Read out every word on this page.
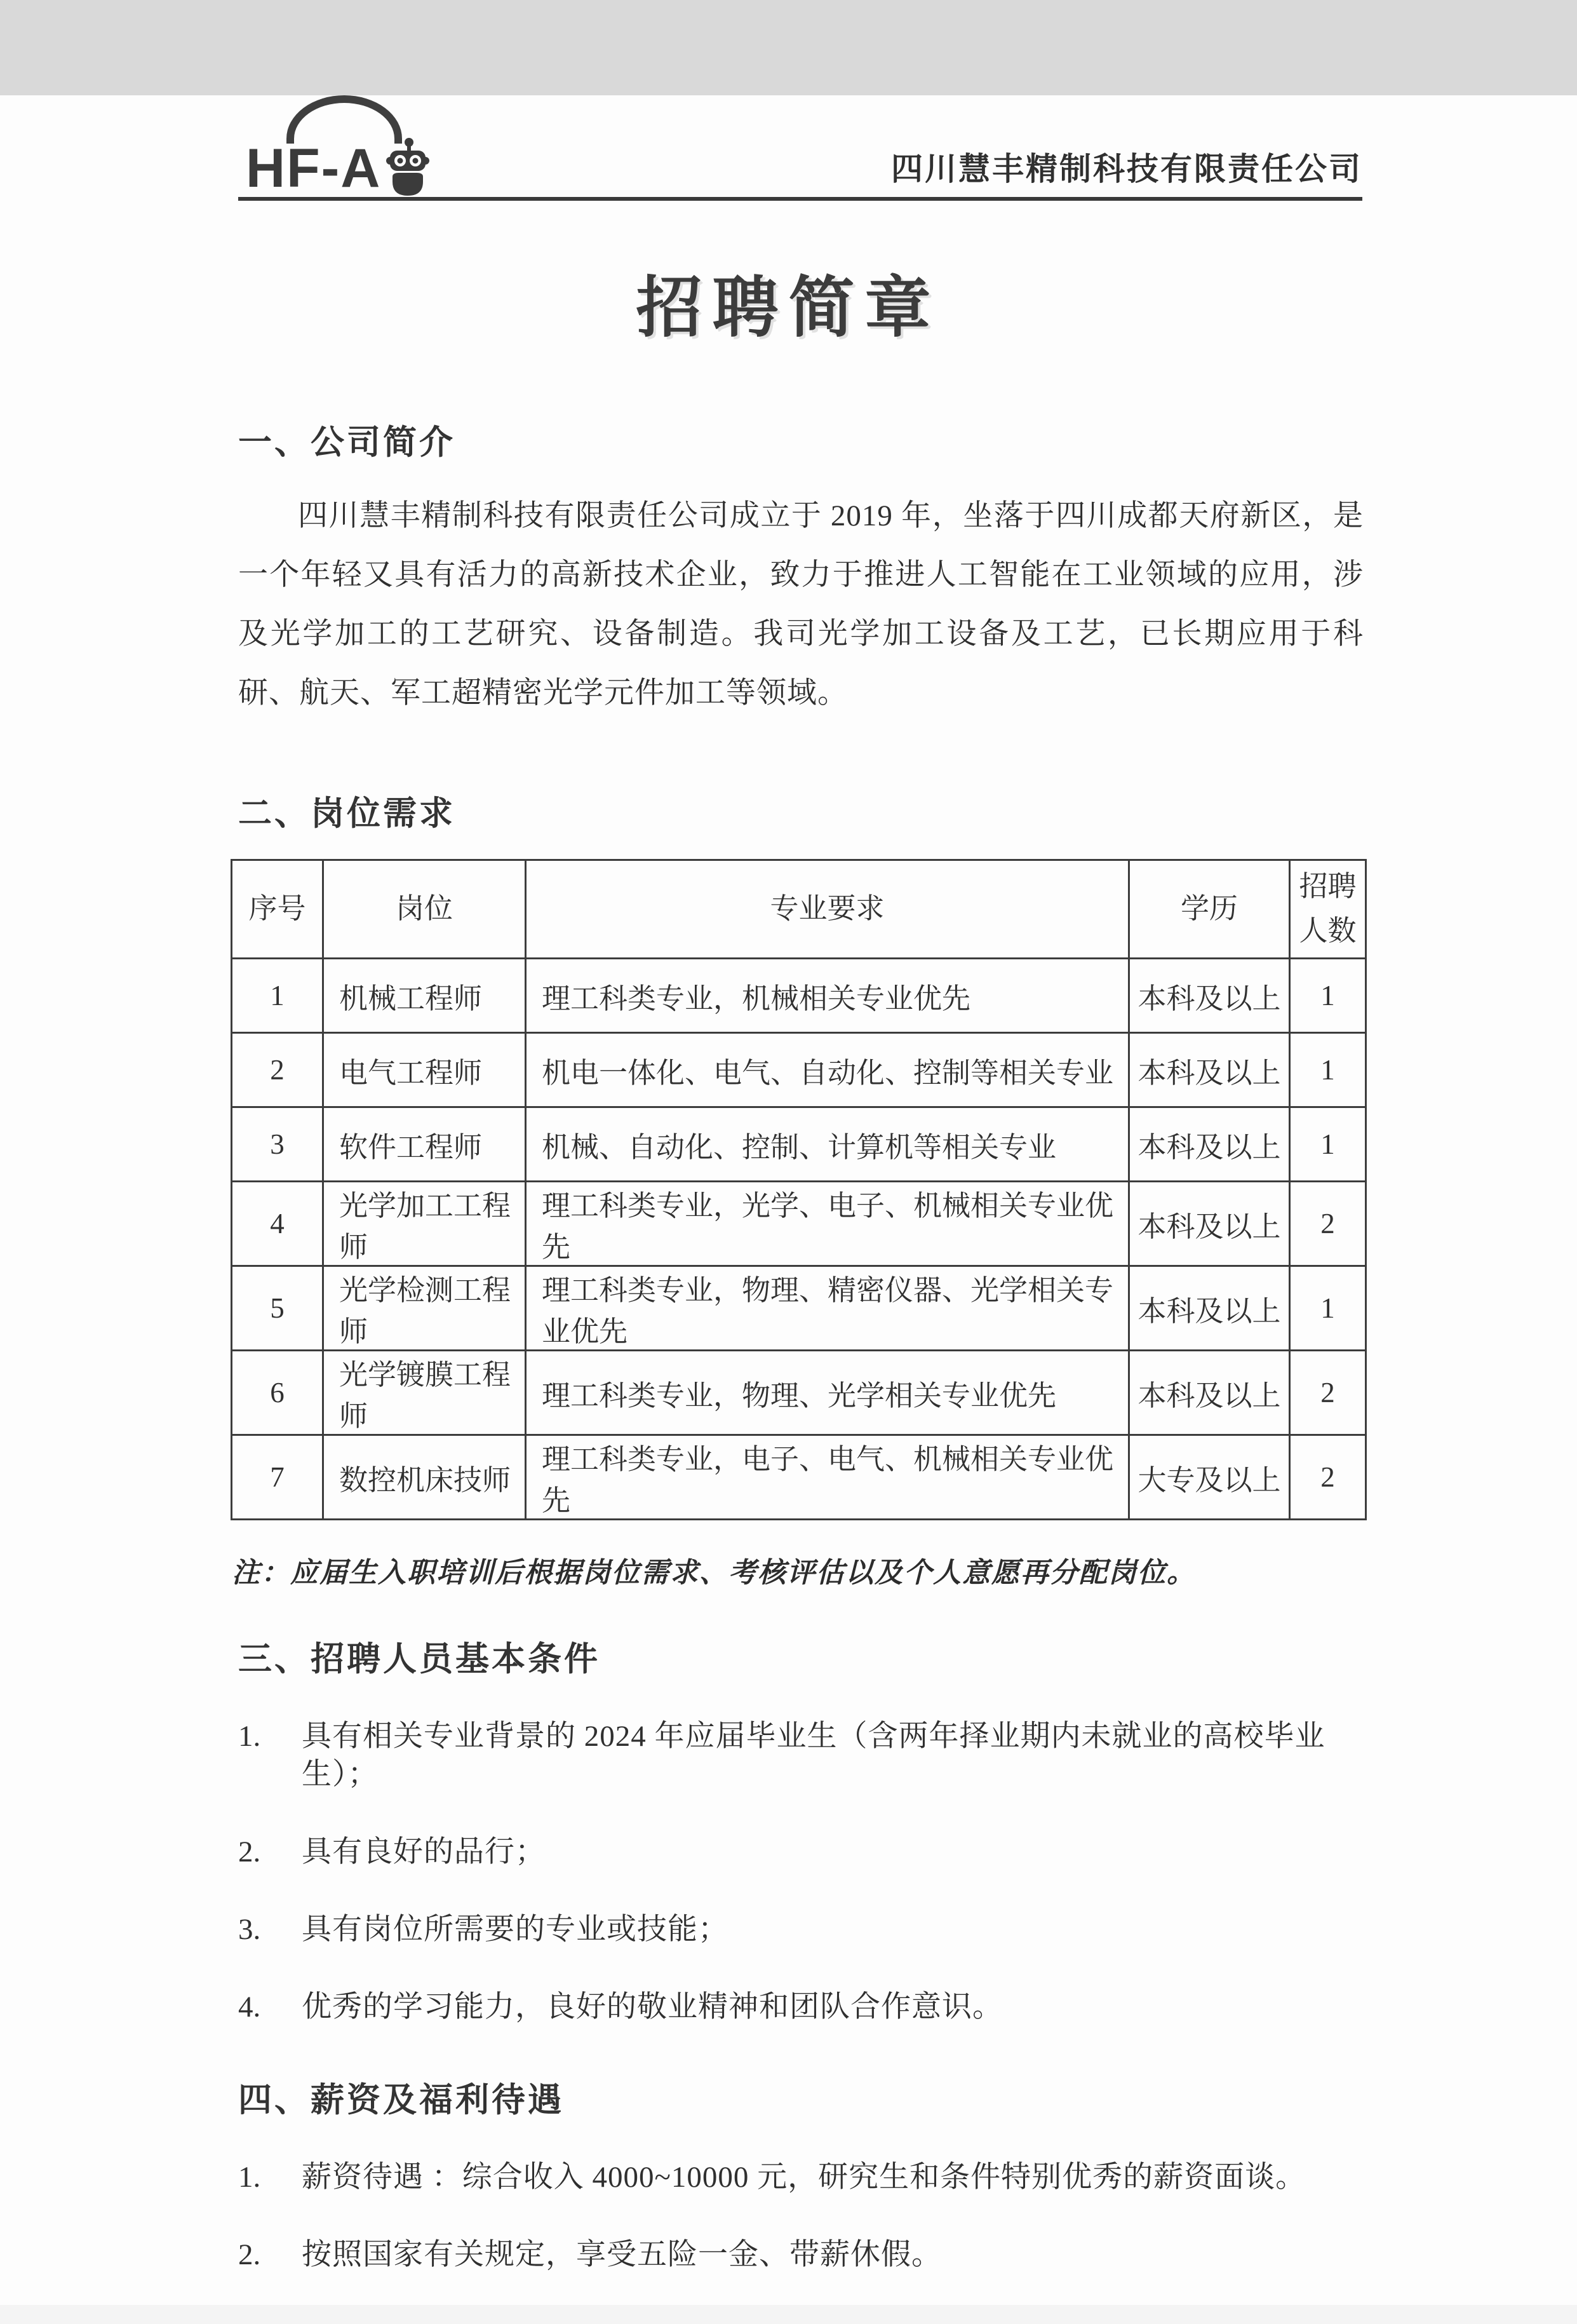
HF-A	四川慧丰精制科技有限责任公司
招聘简章
一、公司简介

四川慧丰精制科技有限责任公司成立于 2019 年，坐落于四川成都天府新区，是一个年轻又具有活力的高新技术企业，致力于推进人工智能在工业领域的应用，涉及光学加工的工艺研究、设备制造。我司光学加工设备及工艺，已长期应用于科研、航天、军工超精密光学元件加工等领域。

二、岗位需求
序号	岗位	专业要求	学历	招聘人数
1	机械工程师	理工科类专业，机械相关专业优先	本科及以上	1
2	电气工程师	机电一体化、电气、自动化、控制等相关专业	本科及以上	1
3	软件工程师	机械、自动化、控制、计算机等相关专业	本科及以上	1
4	光学加工工程师	理工科类专业，光学、电子、机械相关专业优先	本科及以上	2
5	光学检测工程师	理工科类专业，物理、精密仪器、光学相关专业优先	本科及以上	1
6	光学镀膜工程师	理工科类专业，物理、光学相关专业优先	本科及以上	2
7	数控机床技师	理工科类专业，电子、电气、机械相关专业优先	大专及以上	2
注：应届生入职培训后根据岗位需求、考核评估以及个人意愿再分配岗位。
三、招聘人员基本条件
1.	具有相关专业背景的 2024 年应届毕业生（含两年择业期内未就业的高校毕业生）；
2.	具有良好的品行；
3.	具有岗位所需要的专业或技能；
4.	优秀的学习能力，良好的敬业精神和团队合作意识。
四、薪资及福利待遇
1.	薪资待遇 ：综合收入 4000~10000 元，研究生和条件特别优秀的薪资面谈。
2.	按照国家有关规定，享受五险一金、带薪休假。
